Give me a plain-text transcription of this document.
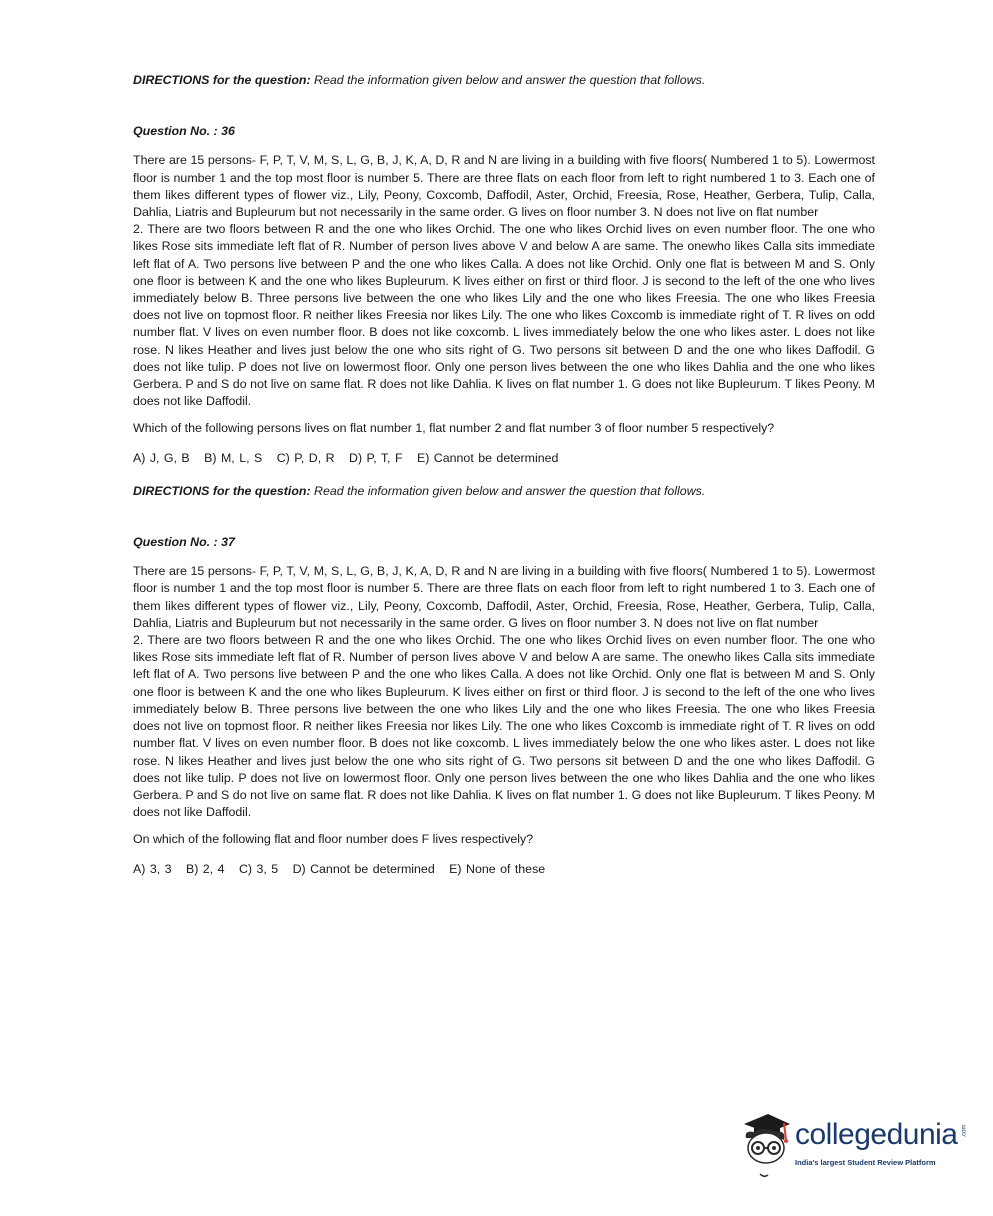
DIRECTIONS for the question: Read the information given below and answer the question that follows.

Question No. : 36

There are 15 persons- F, P, T, V, M, S, L, G, B, J, K, A, D, R and N are living in a building with five floors( Numbered 1 to 5). Lowermost floor is number 1 and the top most floor is number 5. There are three flats on each floor from left to right numbered 1 to 3. Each one of them likes different types of flower viz., Lily, Peony, Coxcomb, Daffodil, Aster, Orchid, Freesia, Rose, Heather, Gerbera, Tulip, Calla, Dahlia, Liatris and Bupleurum but not necessarily in the same order. G lives on floor number 3. N does not live on flat number

2. There are two floors between R and the one who likes Orchid. The one who likes Orchid lives on even number floor. The one who likes Rose sits immediate left flat of R. Number of person lives above V and below A are same. The onewho likes Calla sits immediate left flat of A. Two persons live between P and the one who likes Calla. A does not like Orchid. Only one flat is between M and S. Only one floor is between K and the one who likes Bupleurum. K lives either on first or third floor. J is second to the left of the one who lives immediately below B. Three persons live between the one who likes Lily and the one who likes Freesia. The one who likes Freesia does not live on topmost floor. R neither likes Freesia nor likes Lily. The one who likes Coxcomb is immediate right of T. R lives on odd number flat. V lives on even number floor. B does not like coxcomb. L lives immediately below the one who likes aster. L does not like rose. N likes Heather and lives just below the one who sits right of G. Two persons sit between D and the one who likes Daffodil. G does not like tulip. P does not live on lowermost floor. Only one person lives between the one who likes Dahlia and the one who likes Gerbera. P and S do not live on same flat. R does not like Dahlia. K lives on flat number 1. G does not like Bupleurum. T likes Peony. M does not like Daffodil.

Which of the following persons lives on flat number 1, flat number 2 and flat number 3 of floor number 5 respectively?

A) J, G, B B) M, L, S C) P, D, R D) P, T, F E) Cannot be determined

DIRECTIONS for the question: Read the information given below and answer the question that follows.

Question No. : 37

There are 15 persons- F, P, T, V, M, S, L, G, B, J, K, A, D, R and N are living in a building with five floors( Numbered 1 to 5). Lowermost floor is number 1 and the top most floor is number 5. There are three flats on each floor from left to right numbered 1 to 3. Each one of them likes different types of flower viz., Lily, Peony, Coxcomb, Daffodil, Aster, Orchid, Freesia, Rose, Heather, Gerbera, Tulip, Calla, Dahlia, Liatris and Bupleurum but not necessarily in the same order. G lives on floor number 3. N does not live on flat number

2. There are two floors between R and the one who likes Orchid. The one who likes Orchid lives on even number floor. The one who likes Rose sits immediate left flat of R. Number of person lives above V and below A are same. The onewho likes Calla sits immediate left flat of A. Two persons live between P and the one who likes Calla. A does not like Orchid. Only one flat is between M and S. Only one floor is between K and the one who likes Bupleurum. K lives either on first or third floor. J is second to the left of the one who lives immediately below B. Three persons live between the one who likes Lily and the one who likes Freesia. The one who likes Freesia does not live on topmost floor. R neither likes Freesia nor likes Lily. The one who likes Coxcomb is immediate right of T. R lives on odd number flat. V lives on even number floor. B does not like coxcomb. L lives immediately below the one who likes aster. L does not like rose. N likes Heather and lives just below the one who sits right of G. Two persons sit between D and the one who likes Daffodil. G does not like tulip. P does not live on lowermost floor. Only one person lives between the one who likes Dahlia and the one who likes Gerbera. P and S do not live on same flat. R does not like Dahlia. K lives on flat number 1. G does not like Bupleurum. T likes Peony. M does not like Daffodil.

On which of the following flat and floor number does F lives respectively?

A) 3, 3 B) 2, 4 C) 3, 5 D) Cannot be determined E) None of these

collegedunia .com
India's largest Student Review Platform
